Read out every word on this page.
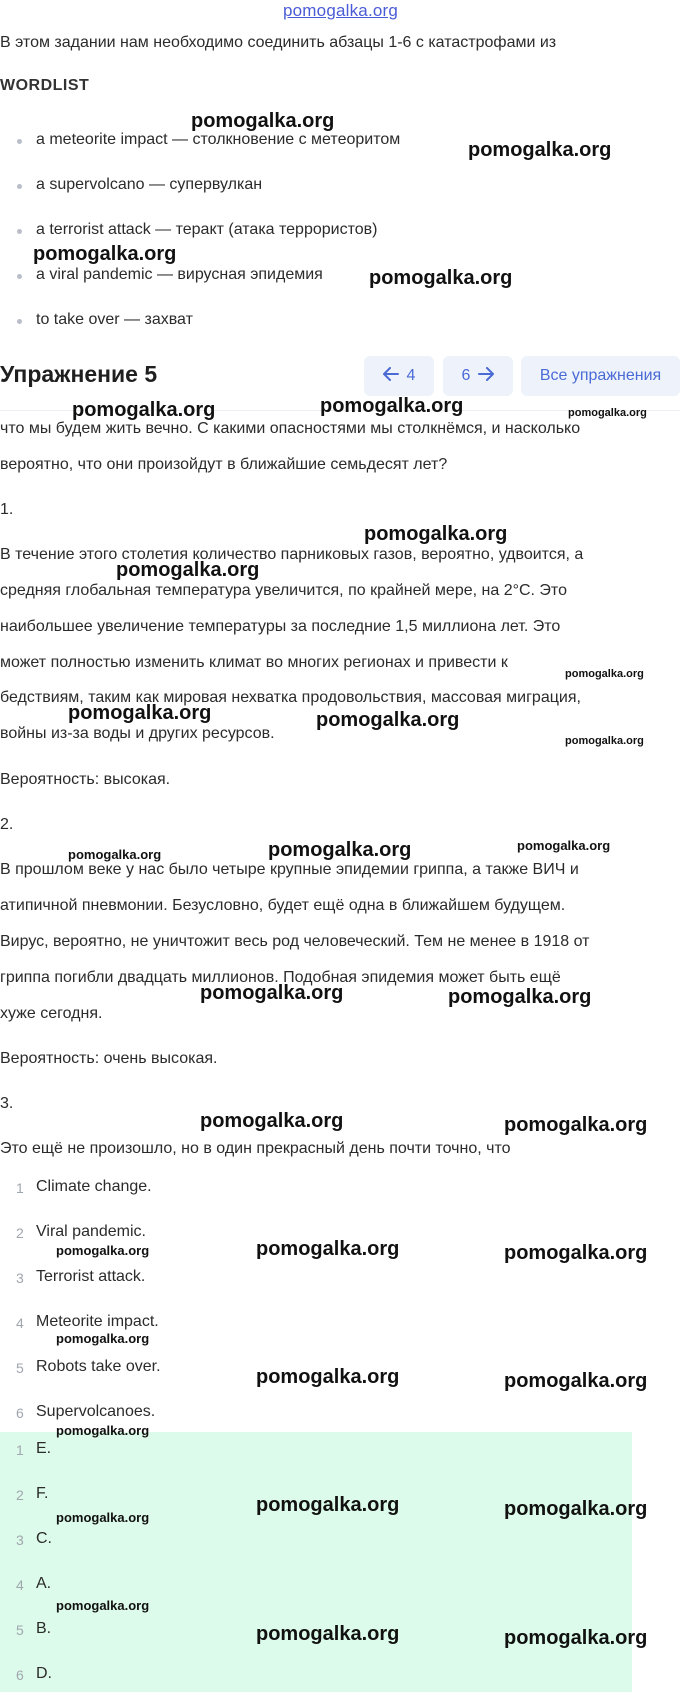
pomogalka.org
В этом задании нам необходимо соединить абзацы 1-6 с катастрофами из
WORDLIST
a meteorite impact — столкновение с метеоритом
a supervolcano — супервулкан
a terrorist attack — теракт (атака террористов)
a viral pandemic — вирусная эпидемия
to take over — захват
Упражнение 5	4	6	Все упражнения
что мы будем жить вечно. С какими опасностями мы столкнёмся, и насколько
вероятно, что они произойдут в ближайшие семьдесят лет?
1.
В течение этого столетия количество парниковых газов, вероятно, удвоится, а
средняя глобальная температура увеличится, по крайней мере, на 2°C. Это
наибольшее увеличение температуры за последние 1,5 миллиона лет. Это
может полностью изменить климат во многих регионах и привести к
бедствиям, таким как мировая нехватка продовольствия, массовая миграция,
войны из-за воды и других ресурсов.
Вероятность: высокая.
2.
В прошлом веке у нас было четыре крупные эпидемии гриппа, а также ВИЧ и
атипичной пневмонии. Безусловно, будет ещё одна в ближайшем будущем.
Вирус, вероятно, не уничтожит весь род человеческий. Тем не менее в 1918 от
гриппа погибли двадцать миллионов. Подобная эпидемия может быть ещё
хуже сегодня.
Вероятность: очень высокая.
3.
Это ещё не произошло, но в один прекрасный день почти точно, что
1 Climate change.
2 Viral pandemic.
3 Terrorist attack.
4 Meteorite impact.
5 Robots take over.
6 Supervolcanoes.
1 E.
2 F.
3 C.
4 A.
5 B.
6 D.
pomogalka.org
pomogalka.org
pomogalka.org
pomogalka.org
pomogalka.org	pomogalka.org	pomogalka.org
pomogalka.org
pomogalka.org
pomogalka.org
pomogalka.org	pomogalka.org
pomogalka.org
pomogalka.org	pomogalka.org	pomogalka.org
pomogalka.org	pomogalka.org
pomogalka.org	pomogalka.org
pomogalka.org	pomogalka.org	pomogalka.org
pomogalka.org
pomogalka.org	pomogalka.org
pomogalka.org
pomogalka.org	pomogalka.org
pomogalka.org
pomogalka.org
pomogalka.org	pomogalka.org
